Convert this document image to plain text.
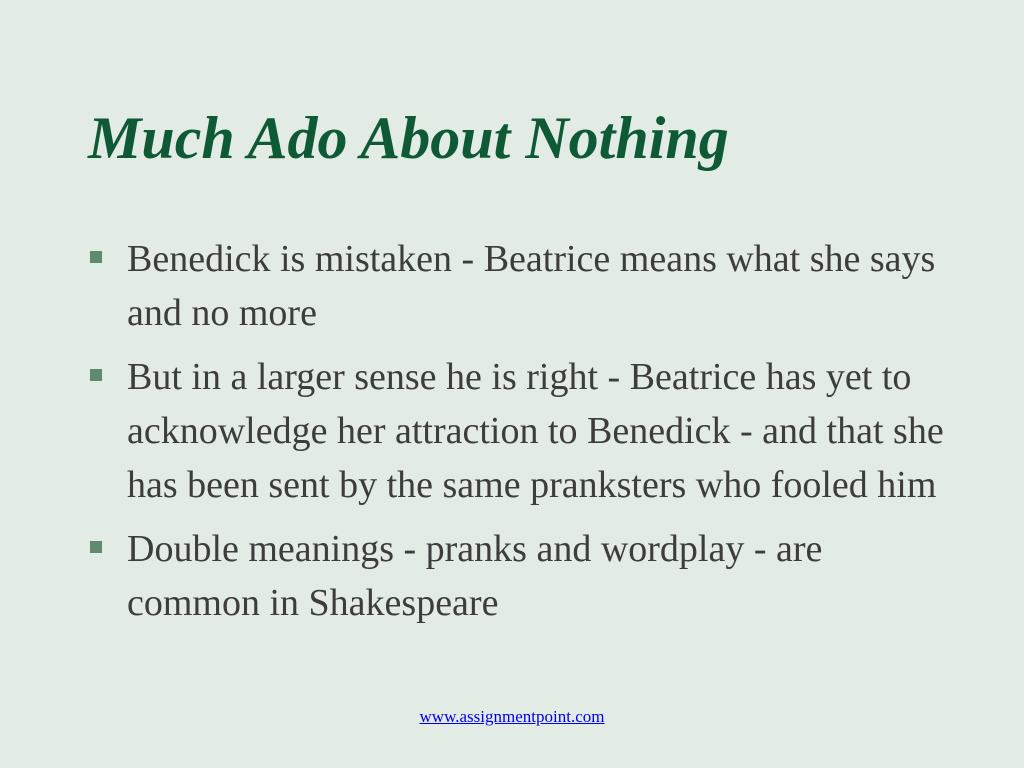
Much Ado About Nothing
Benedick is mistaken - Beatrice means what she says and no more
But in a larger sense he is right - Beatrice has yet to acknowledge her attraction to Benedick - and that she has been sent by the same pranksters who fooled him
Double meanings - pranks and wordplay - are common in Shakespeare
www.assignmentpoint.com
